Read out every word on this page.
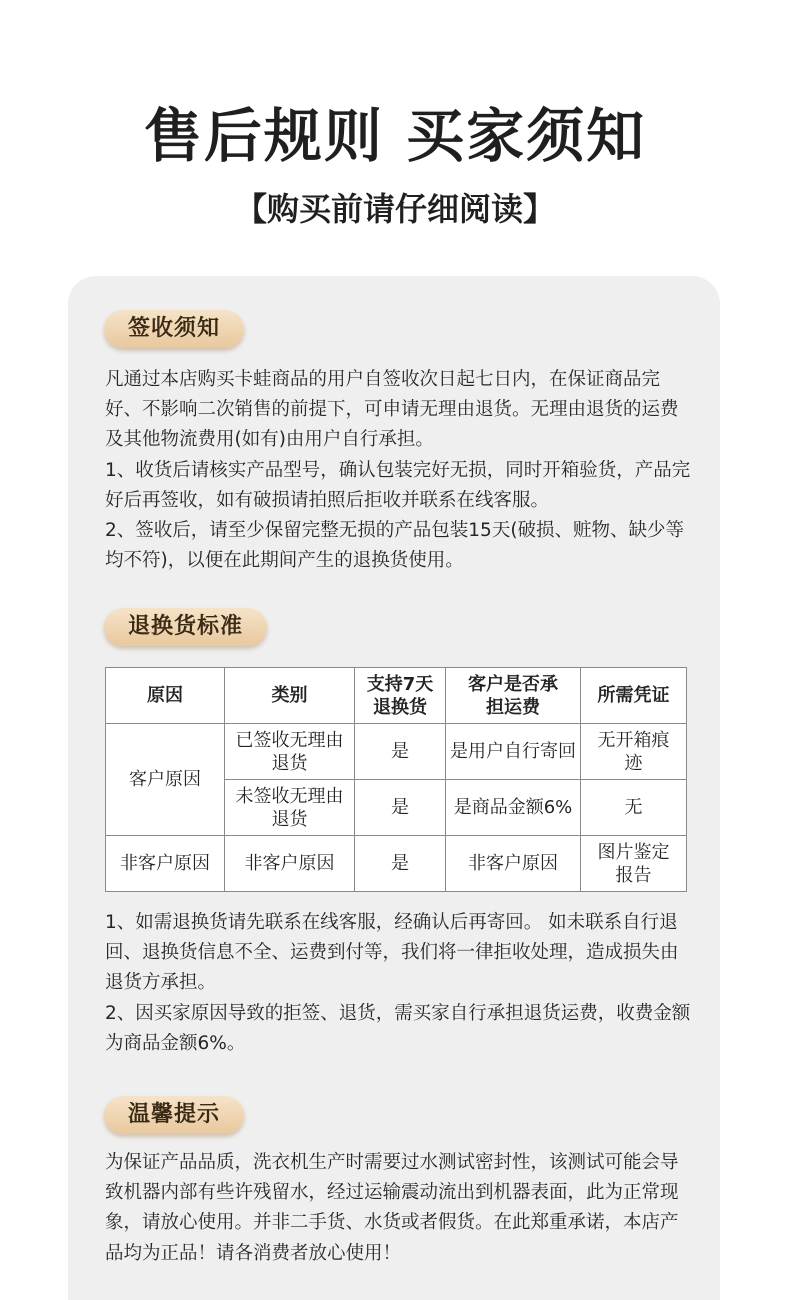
售后规则 买家须知
【购买前请仔细阅读】
签收须知

凡通过本店购买卡蛙商品的用户自签收次日起七日内，在保证商品完好、不影响二次销售的前提下，可申请无理由退货。无理由退货的运费及其他物流费用(如有)由用户自行承担。

1、收货后请核实产品型号，确认包装完好无损，同时开箱验货，产品完好后再签收，如有破损请拍照后拒收并联系在线客服。

2、签收后，请至少保留完整无损的产品包装15天(破损、赃物、缺少等均不符)，以便在此期间产生的退换货使用。

退换货标准
原因	类别	支持7天退换货	客户是否承担运费	所需凭证
客户原因	已签收无理由退货	是	是用户自行寄回	无开箱痕迹

	未签收无理由退货	是	是商品金额6%	无
非客户原因	非客户原因	是	非客户原因	图片鉴定报告

1、如需退换货请先联系在线客服，经确认后再寄回。 如未联系自行退回、退换货信息不全、运费到付等，我们将一律拒收处理，造成损失由退货方承担。

2、因买家原因导致的拒签、退货，需买家自行承担退货运费，收费金额为商品金额6%。

温馨提示

为保证产品品质，洗衣机生产时需要过水测试密封性，该测试可能会导致机器内部有些许残留水，经过运输震动流出到机器表面，此为正常现象，请放心使用。并非二手货、水货或者假货。在此郑重承诺，本店产品均为正品！请各消费者放心使用！
